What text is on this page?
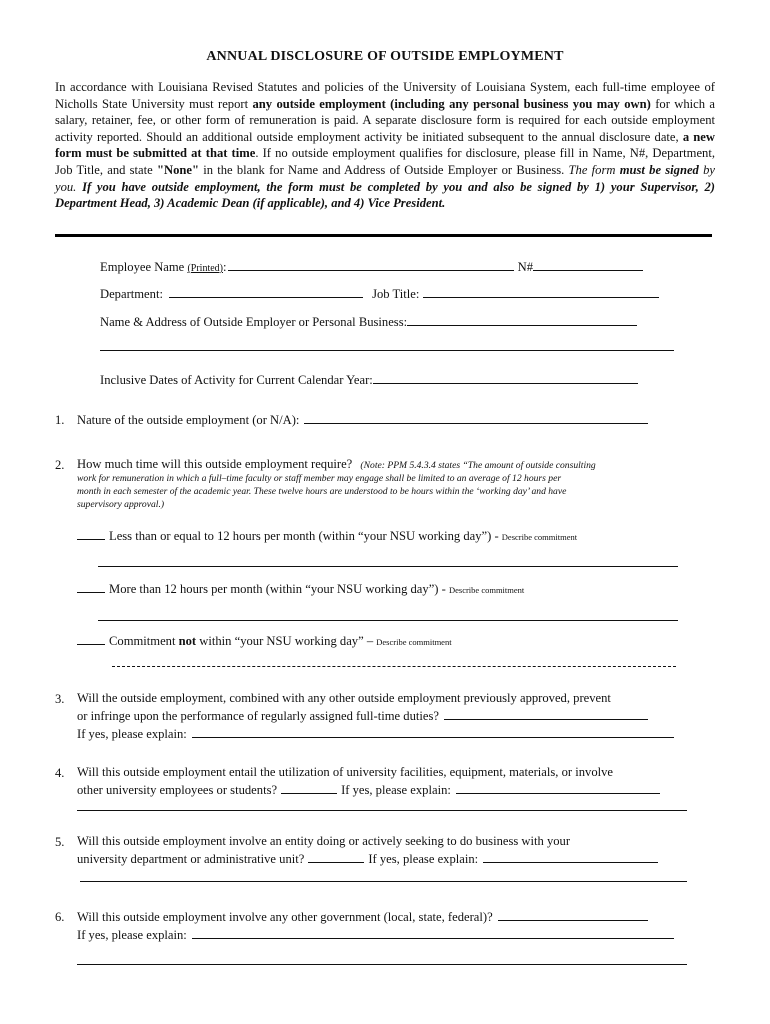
ANNUAL DISCLOSURE OF OUTSIDE EMPLOYMENT
In accordance with Louisiana Revised Statutes and policies of the University of Louisiana System, each full-time employee of Nicholls State University must report any outside employment (including any personal business you may own) for which a salary, retainer, fee, or other form of remuneration is paid. A separate disclosure form is required for each outside employment activity reported. Should an additional outside employment activity be initiated subsequent to the annual disclosure date, a new form must be submitted at that time. If no outside employment qualifies for disclosure, please fill in Name, N#, Department, Job Title, and state "None" in the blank for Name and Address of Outside Employer or Business. The form must be signed by you. If you have outside employment, the form must be completed by you and also be signed by 1) your Supervisor, 2) Department Head, 3) Academic Dean (if applicable), and 4) Vice President.
Employee Name (Printed):	N#
Department:	Job Title:
Name & Address of Outside Employer or Personal Business:
Inclusive Dates of Activity for Current Calendar Year:
1. Nature of the outside employment (or N/A):
2. How much time will this outside employment require? (Note: PPM 5.4.3.4 states “The amount of outside consulting
work for remuneration in which a full–time faculty or staff member may engage shall be limited to an average of 12 hours per
month in each semester of the academic year. These twelve hours are understood to be hours within the ‘working day’ and have
supervisory approval.)
Less than or equal to 12 hours per month (within “your NSU working day”) - Describe commitment
More than 12 hours per month (within “your NSU working day”) - Describe commitment
Commitment not within “your NSU working day” – Describe commitment
3. Will the outside employment, combined with any other outside employment previously approved, prevent
or infringe upon the performance of regularly assigned full-time duties?
If yes, please explain:
4. Will this outside employment entail the utilization of university facilities, equipment, materials, or involve
other university employees or students?	If yes, please explain:
5. Will this outside employment involve an entity doing or actively seeking to do business with your
university department or administrative unit?	If yes, please explain:
6. Will this outside employment involve any other government (local, state, federal)?
If yes, please explain:
